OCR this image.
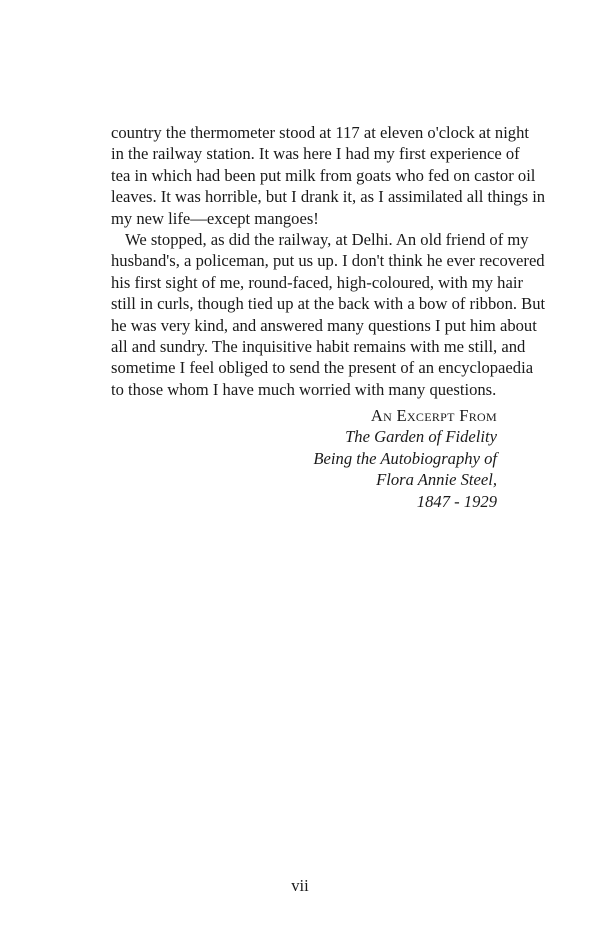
country the thermometer stood at 117 at eleven o'clock at night
in the railway station. It was here I had my first experience of
tea in which had been put milk from goats who fed on castor oil
leaves. It was horrible, but I drank it, as I assimilated all things in
my new life—except mangoes!

We stopped, as did the railway, at Delhi. An old friend of my
husband's, a policeman, put us up. I don't think he ever recovered
his first sight of me, round-faced, high-coloured, with my hair
still in curls, though tied up at the back with a bow of ribbon. But
he was very kind, and answered many questions I put him about
all and sundry. The inquisitive habit remains with me still, and
sometime I feel obliged to send the present of an encyclopaedia
to those whom I have much worried with many questions.

An Excerpt From
The Garden of Fidelity
Being the Autobiography of
Flora Annie Steel,
1847 - 1929
vii
